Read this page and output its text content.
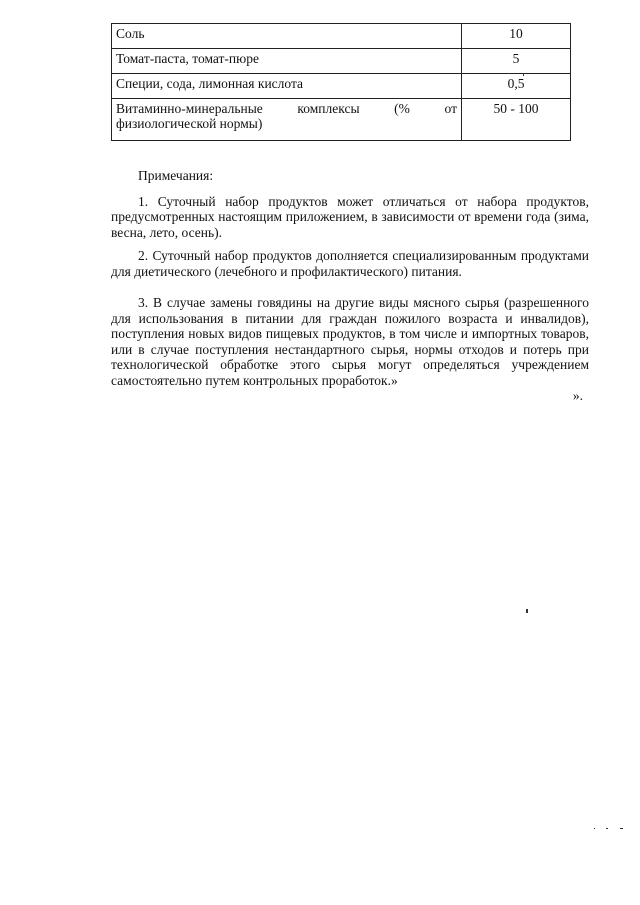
Соль	10
Томат-паста, томат-пюре	5
Специи, сода, лимонная кислота	0,5

Витаминно-минеральные комплексы (% от
физиологической нормы)	50 - 100
Примечания:

1. Суточный набор продуктов может отличаться от набора продуктов, предусмотренных настоящим приложением, в зависимости от времени года (зима, весна, лето, осень).

2. Суточный набор продуктов дополняется специализированным продуктами для диетического (лечебного и профилактического) питания.

3. В случае замены говядины на другие виды мясного сырья (разрешенного для использования в питании для граждан пожилого возраста и инвалидов), поступления новых видов пищевых продуктов, в том числе и импортных товаров, или в случае поступления нестандартного сырья, нормы отходов и потерь при технологической обработке этого сырья могут определяться учреждением самостоятельно путем контрольных проработок.»

».
